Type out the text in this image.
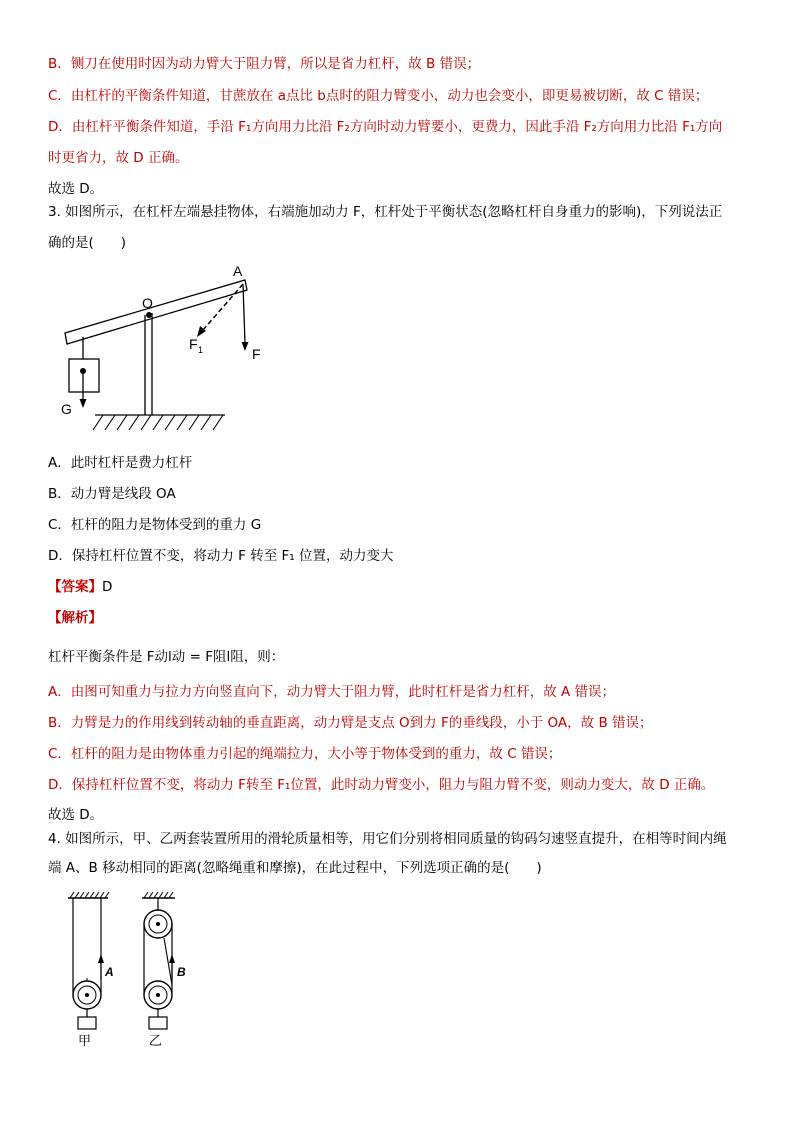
B．铡刀在使用时因为动力臂大于阻力臂，所以是省力杠杆，故 B 错误；
C．由杠杆的平衡条件知道，甘蔗放在 a点比 b点时的阻力臂变小，动力也会变小，即更易被切断，故 C 错误；
D．由杠杆平衡条件知道，手沿 F₁方向用力比沿 F₂方向时动力臂要小，更费力，因此手沿 F₂方向用力比沿 F₁方向
时更省力，故 D 正确。
故选 D。
3. 如图所示，在杠杆左端悬挂物体，右端施加动力 F，杠杆处于平衡状态(忽略杠杆自身重力的影响)，下列说法正
确的是(　　)
A
O
F 1	F
G
A．此时杠杆是费力杠杆
B．动力臂是线段 OA
C．杠杆的阻力是物体受到的重力 G
D．保持杠杆位置不变，将动力 F 转至 F₁ 位置，动力变大
【答案】D
【解析】
杠杆平衡条件是 F动l动 = F阻l阻，则：
A．由图可知重力与拉力方向竖直向下，动力臂大于阻力臂，此时杠杆是省力杠杆，故 A 错误；
B．力臂是力的作用线到转动轴的垂直距离，动力臂是支点 O到力 F的垂线段，小于 OA，故 B 错误；
C．杠杆的阻力是由物体重力引起的绳端拉力，大小等于物体受到的重力，故 C 错误；
D．保持杠杆位置不变，将动力 F转至 F₁位置，此时动力臂变小，阻力与阻力臂不变，则动力变大，故 D 正确。
故选 D。
4. 如图所示，甲、乙两套装置所用的滑轮质量相等，用它们分别将相同质量的钩码匀速竖直提升，在相等时间内绳
端 A、B 移动相同的距离(忽略绳重和摩擦)，在此过程中，下列选项正确的是(　　)
A
甲
B
乙
